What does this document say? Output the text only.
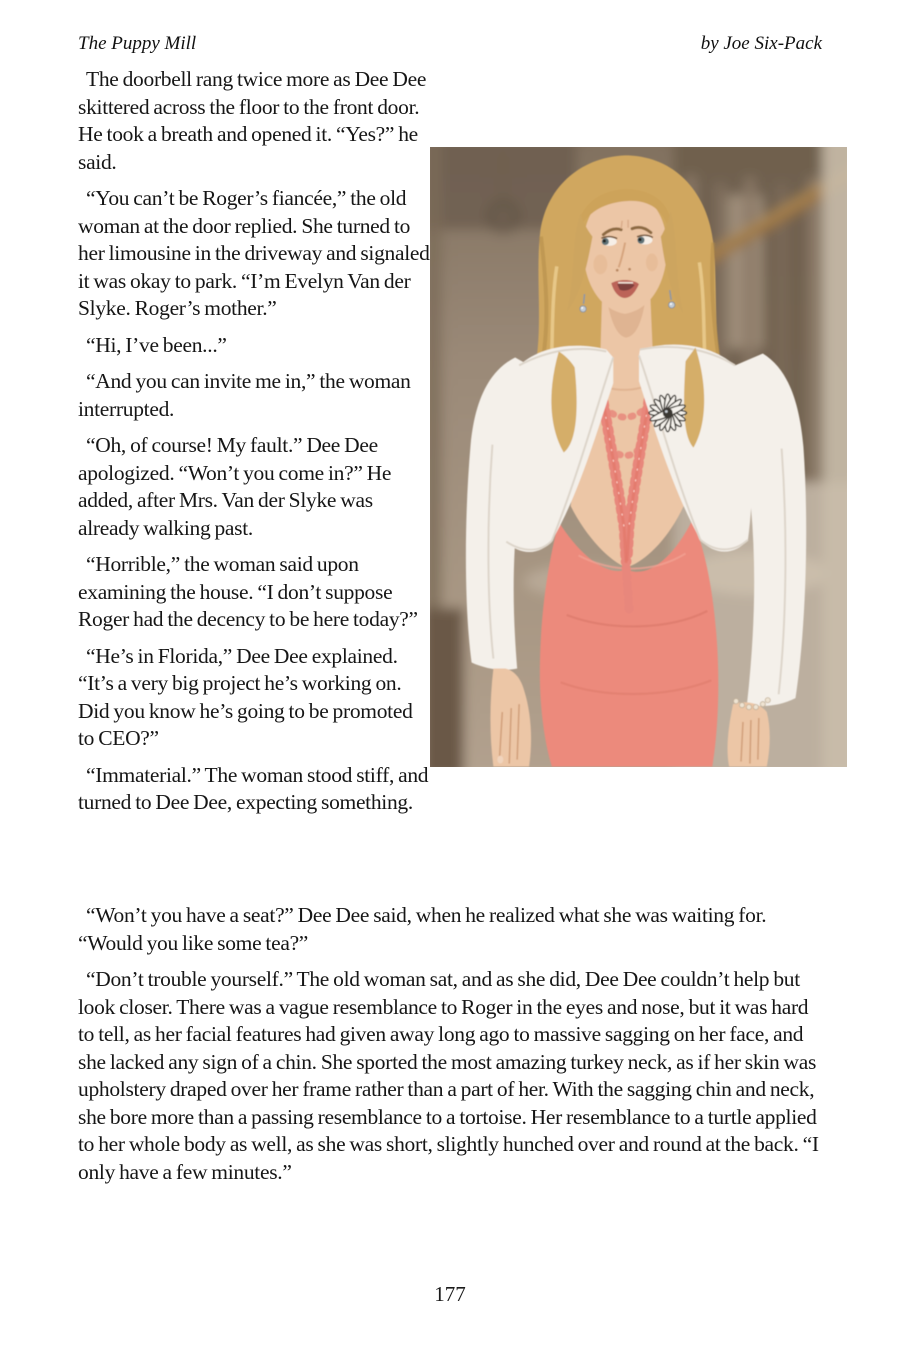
The Puppy Mill	by Joe Six-Pack

The doorbell rang twice more as Dee Dee skittered across the floor to the front door. He took a breath and opened it. “Yes?” he said.

“You can’t be Roger’s fiancée,” the old woman at the door replied. She turned to her limousine in the driveway and signaled it was okay to park. “I’m Evelyn Van der Slyke. Roger’s mother.”

“Hi, I’ve been...”

“And you can invite me in,” the woman interrupted.

“Oh, of course! My fault.” Dee Dee apologized. “Won’t you come in?” He added, after Mrs. Van der Slyke was already walking past.

“Horrible,” the woman said upon examining the house. “I don’t suppose Roger had the decency to be here today?”

“He’s in Florida,” Dee Dee explained. “It’s a very big project he’s working on. Did you know he’s going to be promoted to CEO?”

“Immaterial.” The woman stood stiff, and turned to Dee Dee, expecting something.

“Won’t you have a seat?” Dee Dee said, when he realized what she was waiting for. “Would you like some tea?”

“Don’t trouble yourself.” The old woman sat, and as she did, Dee Dee couldn’t help but look closer. There was a vague resemblance to Roger in the eyes and nose, but it was hard to tell, as her facial features had given away long ago to massive sagging on her face, and she lacked any sign of a chin. She sported the most amazing turkey neck, as if her skin was upholstery draped over her frame rather than a part of her. With the sagging chin and neck, she bore more than a passing resemblance to a tortoise. Her resemblance to a turtle applied to her whole body as well, as she was short, slightly hunched over and round at the back. “I only have a few minutes.”

177
